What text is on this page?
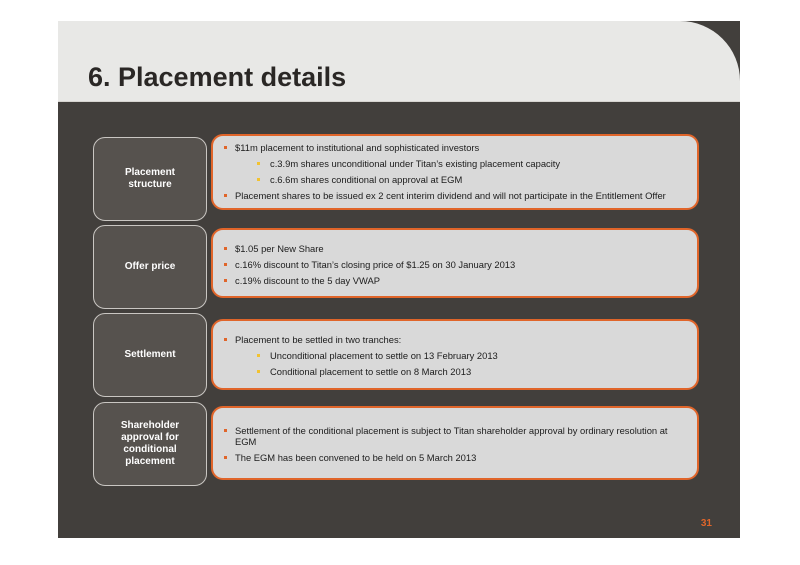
6. Placement details
Placement structure
$11m placement to institutional and sophisticated investors
c.3.9m shares unconditional under Titan’s existing placement capacity
c.6.6m shares conditional on approval at EGM
Placement shares to be issued ex 2 cent interim dividend and will not participate in the Entitlement Offer
Offer price
$1.05 per New Share
c.16% discount to Titan’s closing price of $1.25 on 30 January 2013
c.19% discount to the 5 day VWAP
Settlement
Placement to be settled in two tranches:
Unconditional placement to settle on 13 February 2013
Conditional placement to settle on 8 March 2013
Shareholder approval for conditional placement
Settlement of the conditional placement is subject to Titan shareholder approval by ordinary resolution at EGM
The EGM has been convened to be held on 5 March 2013
31
